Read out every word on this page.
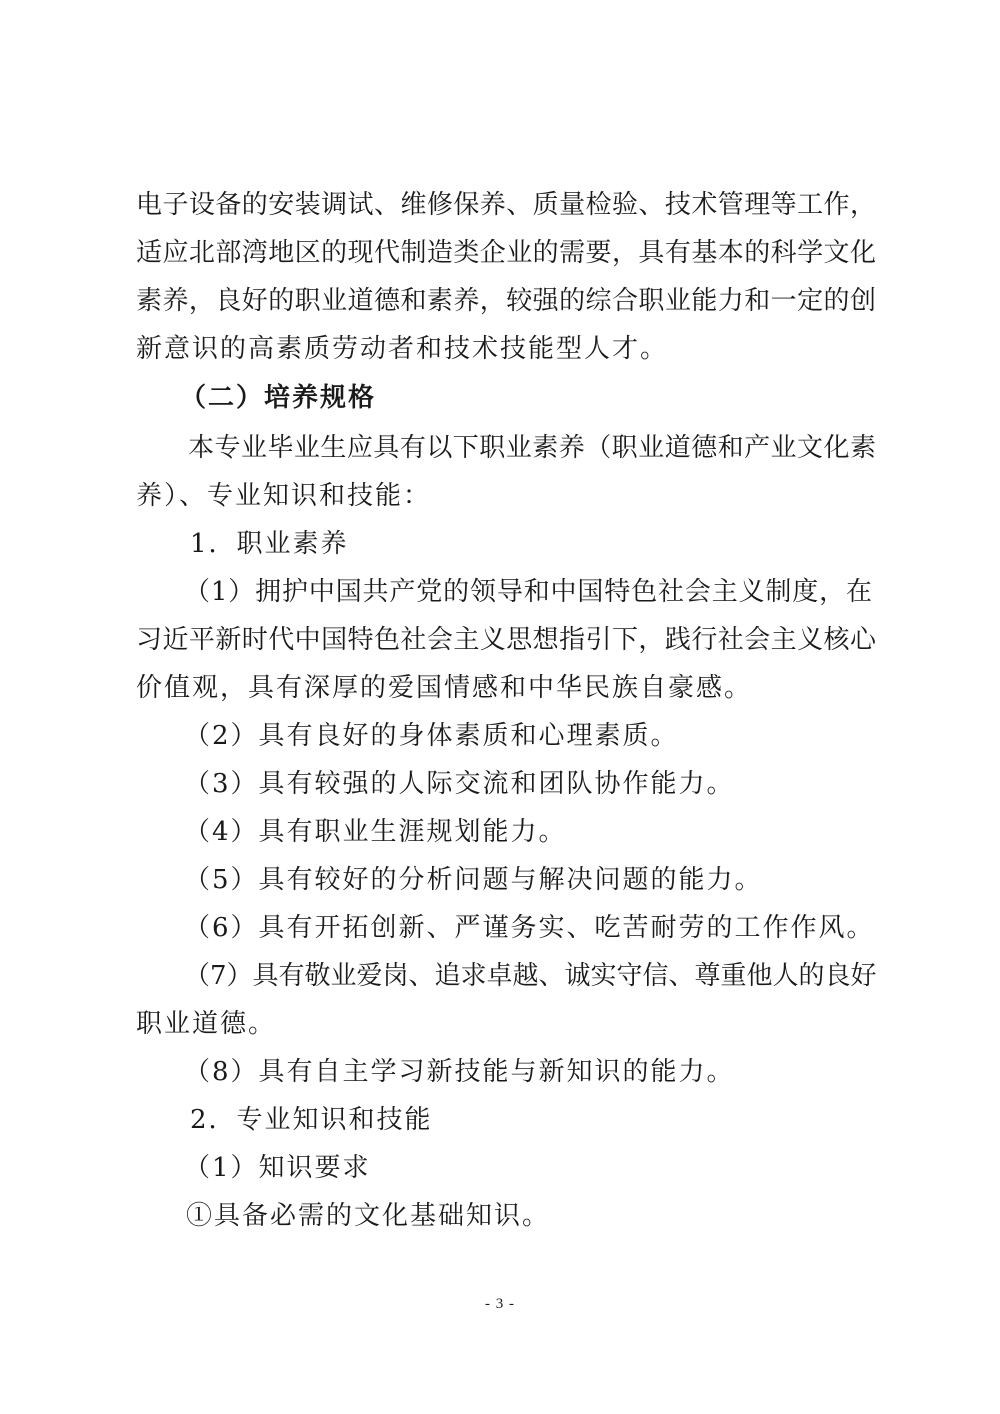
电子设备的安装调试、维修保养、质量检验、技术管理等工作，
适应北部湾地区的现代制造类企业的需要，具有基本的科学文化
素养，良好的职业道德和素养，较强的综合职业能力和一定的创
新意识的高素质劳动者和技术技能型人才。
（二）培养规格
本专业毕业生应具有以下职业素养（职业道德和产业文化素
养）、专业知识和技能：
1．职业素养
（1）拥护中国共产党的领导和中国特色社会主义制度，在
习近平新时代中国特色社会主义思想指引下，践行社会主义核心
价值观，具有深厚的爱国情感和中华民族自豪感。
（2）具有良好的身体素质和心理素质。
（3）具有较强的人际交流和团队协作能力。
（4）具有职业生涯规划能力。
（5）具有较好的分析问题与解决问题的能力。
（6）具有开拓创新、严谨务实、吃苦耐劳的工作作风。
（7）具有敬业爱岗、追求卓越、诚实守信、尊重他人的良好
职业道德。
（8）具有自主学习新技能与新知识的能力。
2．专业知识和技能
（1）知识要求
①具备必需的文化基础知识。
- 3 -
